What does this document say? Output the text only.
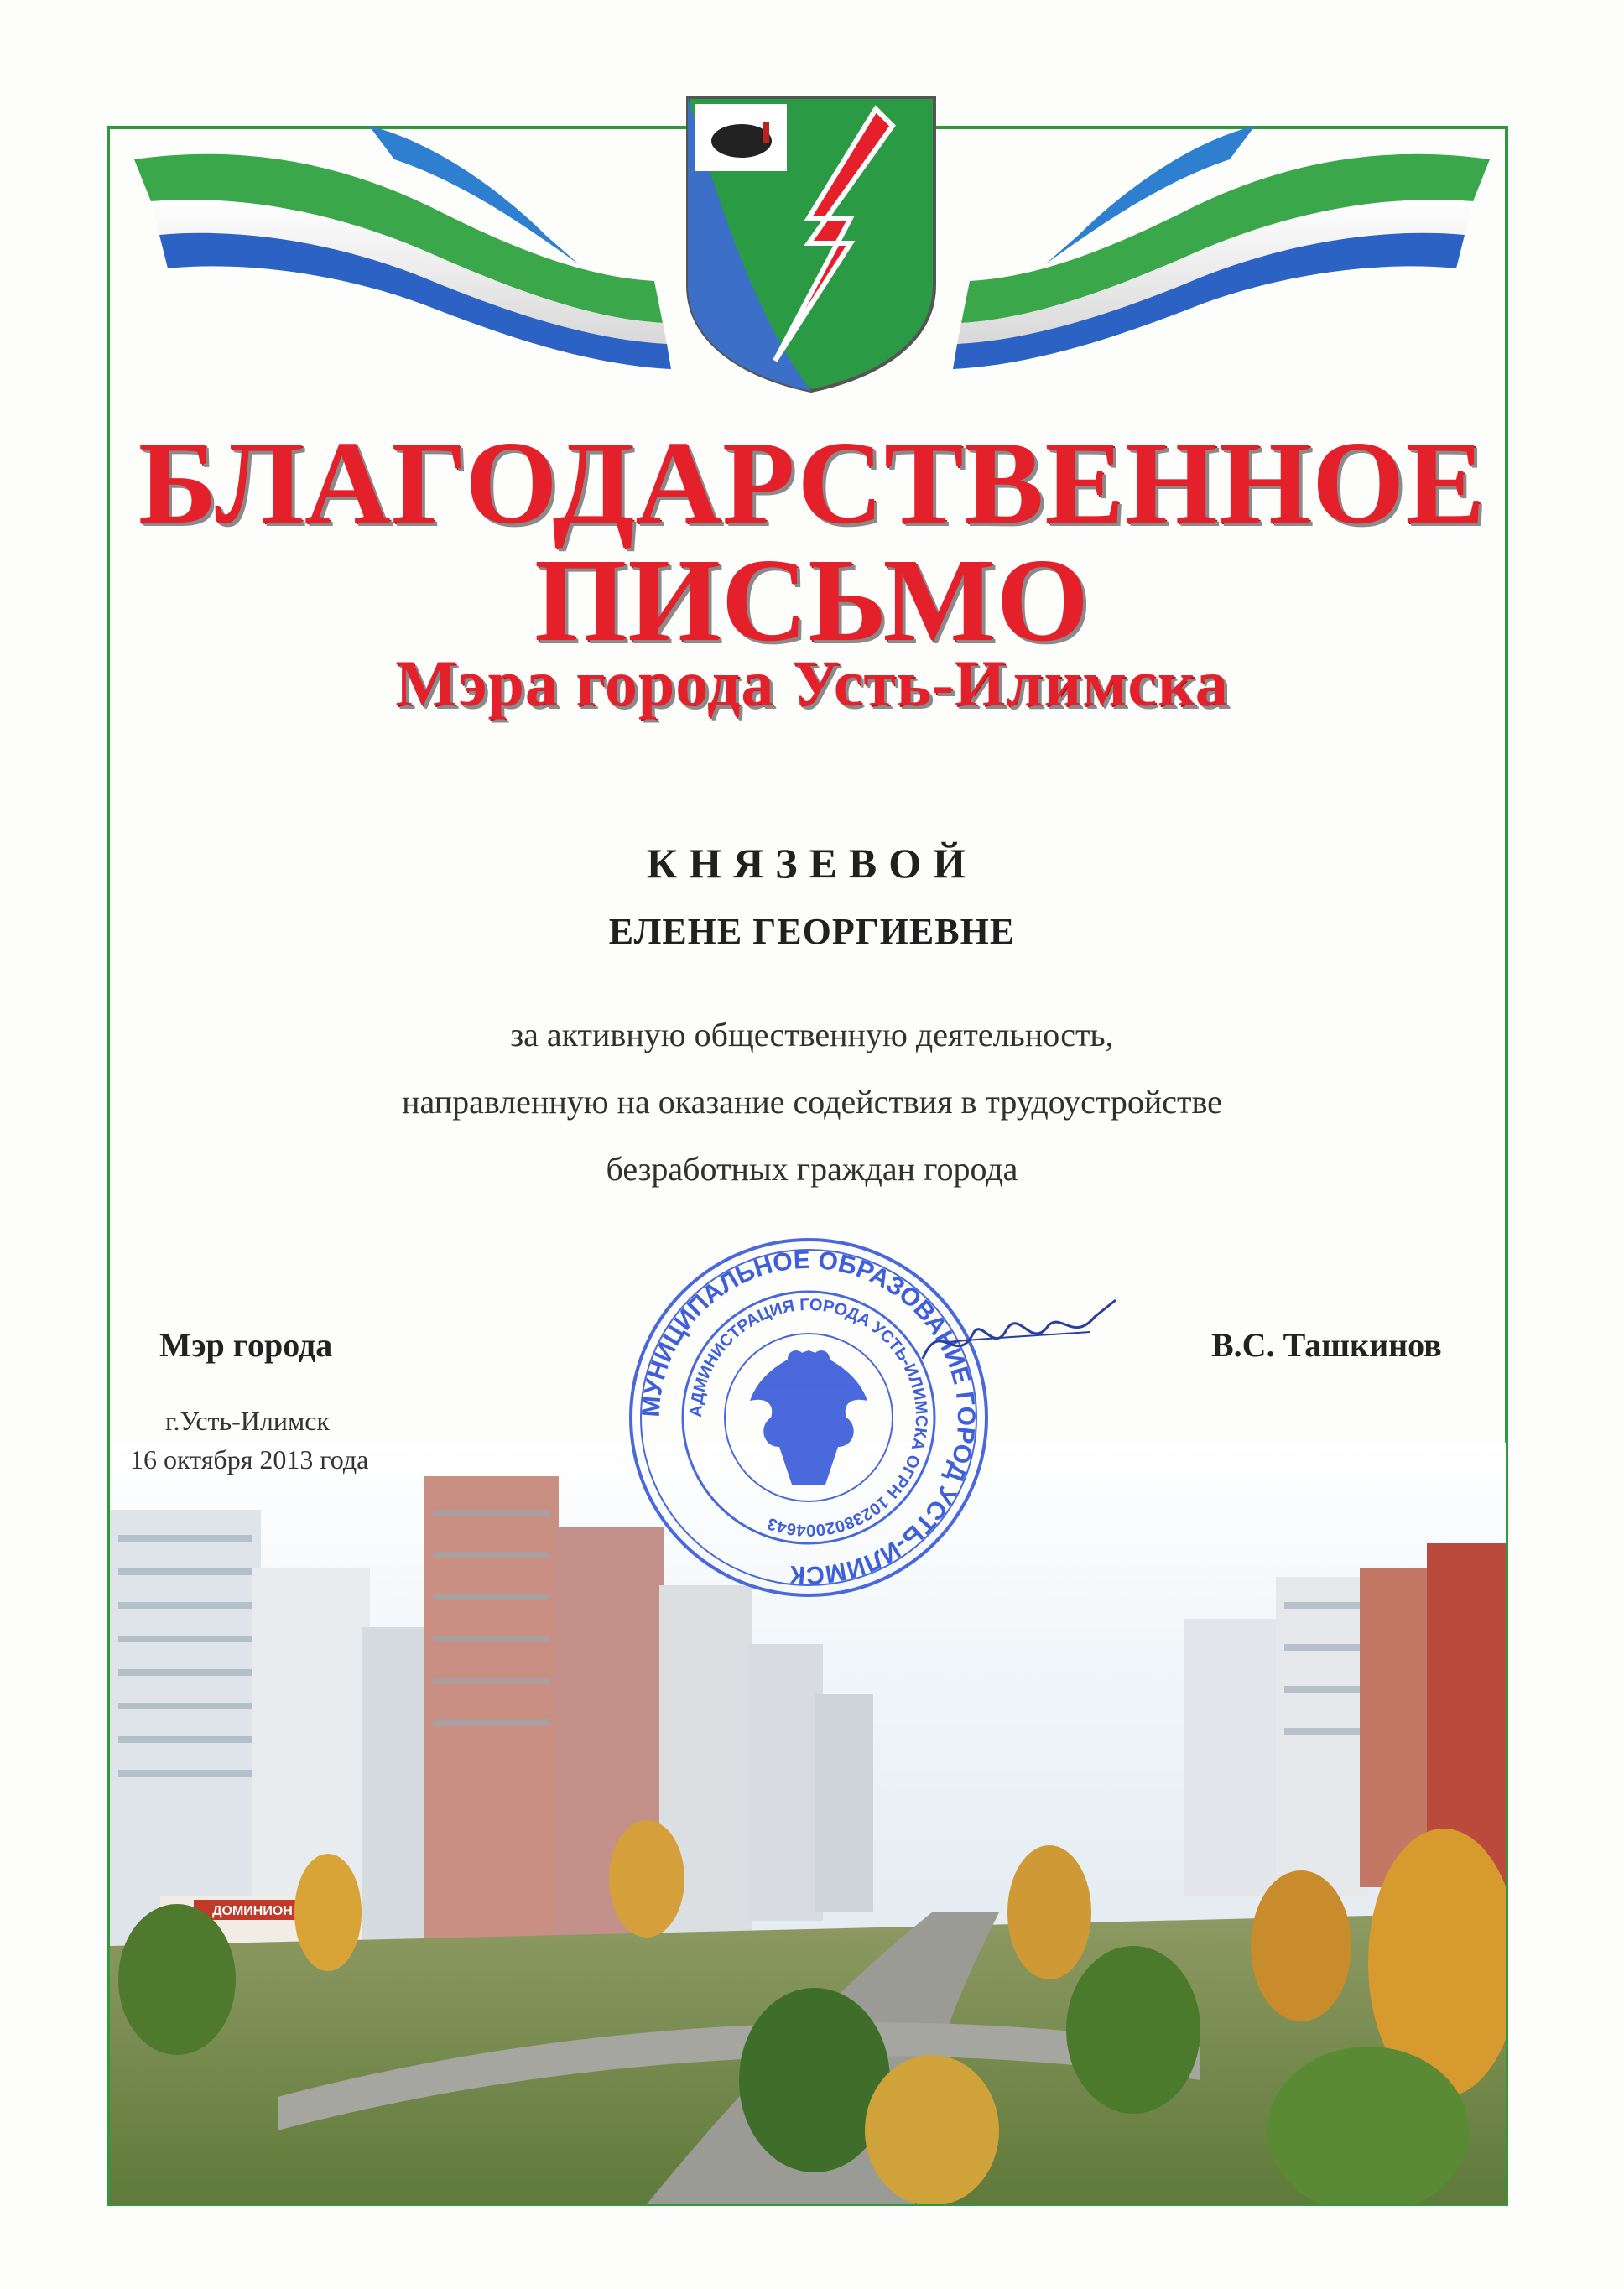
БЛАГОДАРСТВЕННОЕ
ПИСЬМО
Мэра города Усть-Илимска
КНЯЗЕВОЙ
ЕЛЕНЕ ГЕОРГИЕВНЕ
за активную общественную деятельность,
направленную на оказание содействия в трудоустройстве
безработных граждан города
ДОМИНИОН
Мэр города	В.С. Ташкинов
г.Усть-Илимск
16 октября 2013 года
МУНИЦИПАЛЬНОЕ ОБРАЗОВАНИЕ ГОРОД УСТЬ-ИЛИМСК
АДМИНИСТРАЦИЯ ГОРОДА УСТЬ-ИЛИМСКА ОГРН 1023802004643
